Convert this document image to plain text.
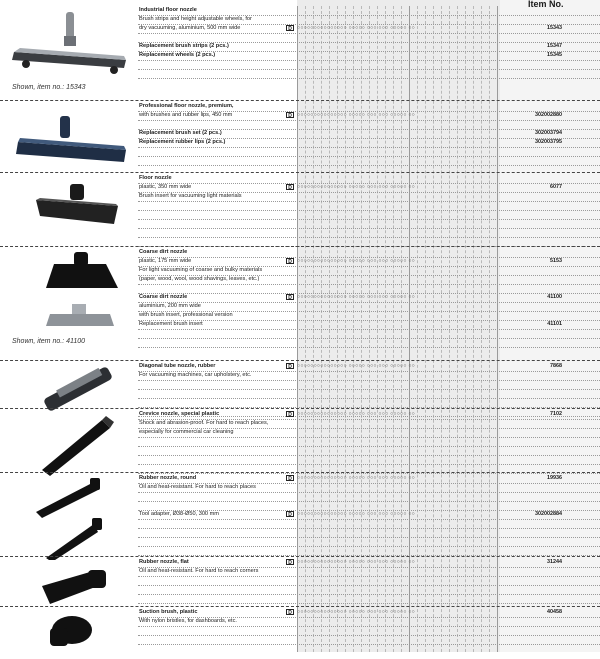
Item No.
Shown, item no.: 15343
Industrial floor nozzle
Brush strips and height adjustable wheels, for
dry vacuuming, aluminium, 500 mm wide	D	○○○○○○○○○○○○○○○ ○○○○○ ○○○ ○○○ ○○○○○ ○○	15343
Replacement brush strips (2 pcs.)	15347
Replacement wheels (2 pcs.)	15345
Professional floor nozzle, premium,
with brushes and rubber lips, 450 mm	D	○○○○○○○○○○○○○○○ ○○○○○ ○○○ ○○○ ○○○○○ ○○	302002880
Replacement brush set (2 pcs.)	302003794
Replacement rubber lips (2 pcs.)	302003795
Floor nozzle
plastic, 350 mm wide	D	○○○○○○○○○○○○○○○ ○○○○○ ○○○ ○○○ ○○○○○ ○○	6077
Brush insert for vacuuming light materials
Shown, item no.: 41100
Coarse dirt nozzle
plastic, 175 mm wide	D	○○○○○○○○○○○○○○○ ○○○○○ ○○○ ○○○ ○○○○○ ○○	5153
For light vacuuming of coarse and bulky materials
(paper, wood, wool, wood shavings, leaves, etc.)
Coarse dirt nozzle	D	○○○○○○○○○○○○○○○ ○○○○○ ○○○ ○○○ ○○○○○ ○○	41100
aluminium, 200 mm wide
with brush insert, professional version
Replacement brush insert	41101
Diagonal tube nozzle, rubber	D	○○○○○○○○○○○○○○○ ○○○○○ ○○○ ○○○ ○○○○○ ○○	7868
For vacuuming machines, car upholstery, etc.
Crevice nozzle, special plastic	D	○○○○○○○○○○○○○○○ ○○○○○ ○○○ ○○○ ○○○○○ ○○	7102
Shock and abrasion-proof. For hard to reach places,
especially for commercial car cleaning
Rubber nozzle, round	D	○○○○○○○○○○○○○○○ ○○○○○ ○○○ ○○○ ○○○○○ ○○	19936
Oil and heat-resistant. For hard to reach places
Tool adapter, Ø38-Ø50, 300 mm	D	○○○○○○○○○○○○○○○ ○○○○○ ○○○ ○○○ ○○○○○ ○○	302002884
Rubber nozzle, flat	D	○○○○○○○○○○○○○○○ ○○○○○ ○○○ ○○○ ○○○○○ ○○	31244
Oil and heat-resistant. For hard to reach corners
Suction brush, plastic	D	○○○○○○○○○○○○○○○ ○○○○○ ○○○ ○○○ ○○○○○ ○○	40458
With nylon bristles, for dashboards, etc.
